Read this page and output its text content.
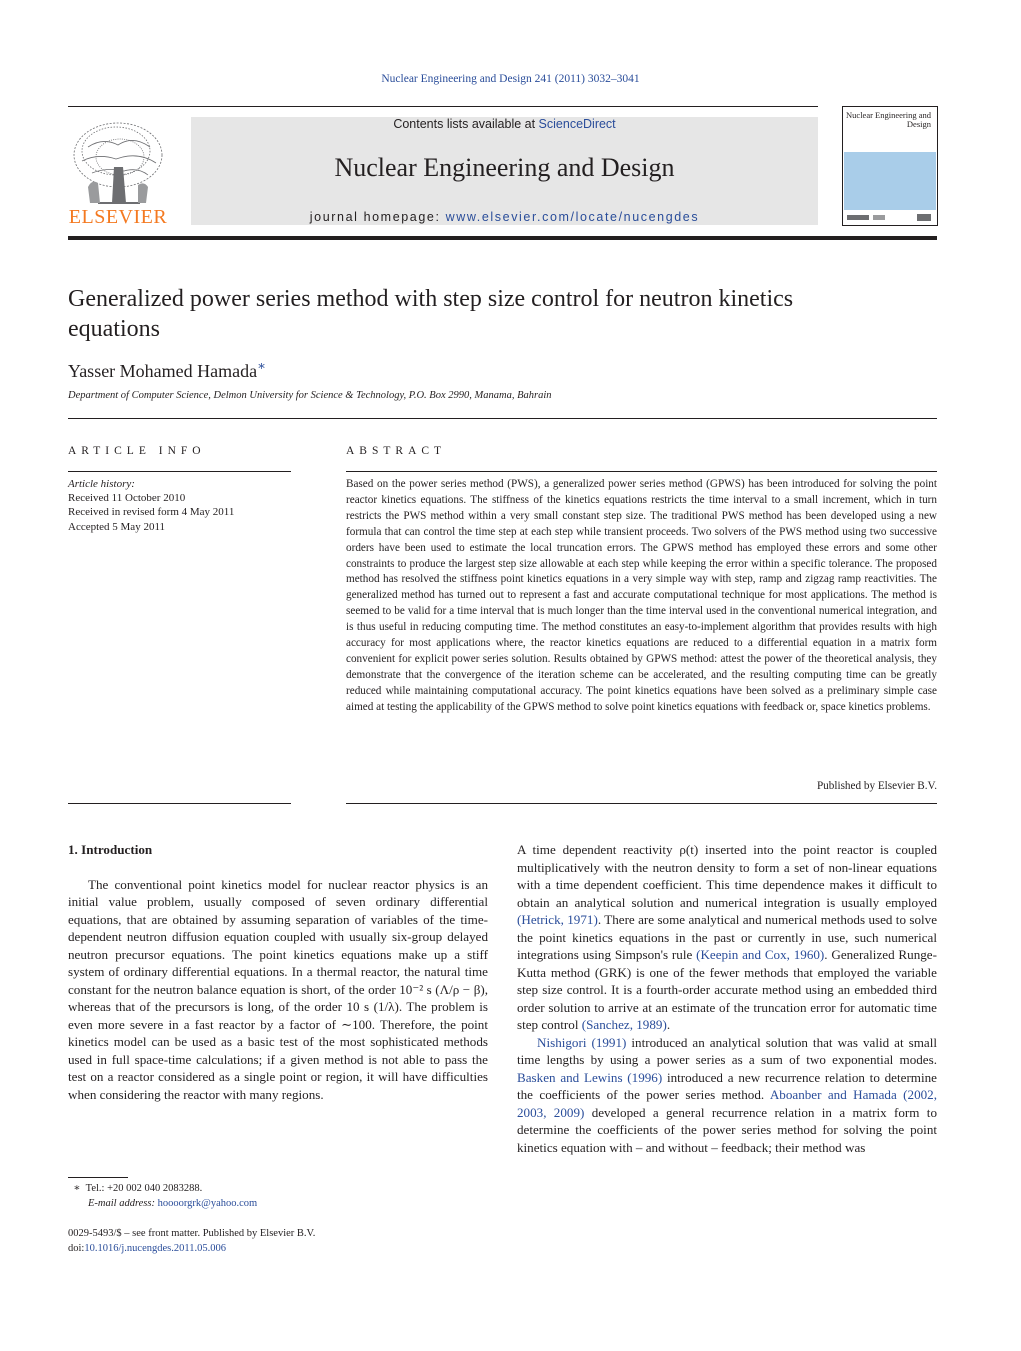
Nuclear Engineering and Design 241 (2011) 3032–3041
ELSEVIER
Contents lists available at ScienceDirect
Nuclear Engineering and Design
journal homepage: www.elsevier.com/locate/nucengdes
Nuclear Engineering and Design
Generalized power series method with step size control for neutron kinetics equations
Yasser Mohamed Hamada∗
Department of Computer Science, Delmon University for Science & Technology, P.O. Box 2990, Manama, Bahrain
ARTICLE INFO	ABSTRACT
Article history:
Received 11 October 2010
Received in revised form 4 May 2011
Accepted 5 May 2011

Based on the power series method (PWS), a generalized power series method (GPWS) has been introduced for solving the point reactor kinetics equations. The stiffness of the kinetics equations restricts the time interval to a small increment, which in turn restricts the PWS method within a very small constant step size. The traditional PWS method has been developed using a new formula that can control the time step at each step while transient proceeds. Two solvers of the PWS method using two successive orders have been used to estimate the local truncation errors. The GPWS method has employed these errors and some other constraints to produce the largest step size allowable at each step while keeping the error within a specific tolerance. The proposed method has resolved the stiffness point kinetics equations in a very simple way with step, ramp and zigzag ramp reactivities. The generalized method has turned out to represent a fast and accurate computational technique for most applications. The method is seemed to be valid for a time interval that is much longer than the time interval used in the conventional numerical integration, and is thus useful in reducing computing time. The method constitutes an easy-to-implement algorithm that provides results with high accuracy for most applications where, the reactor kinetics equations are reduced to a differential equation in a matrix form convenient for explicit power series solution. Results obtained by GPWS method: attest the power of the theoretical analysis, they demonstrate that the convergence of the iteration scheme can be accelerated, and the resulting computing time can be greatly reduced while maintaining computational accuracy. The point kinetics equations have been solved as a preliminary simple case aimed at testing the applicability of the GPWS method to solve point kinetics equations with feedback or, space kinetics problems.

Published by Elsevier B.V.

1. Introduction

The conventional point kinetics model for nuclear reactor physics is an initial value problem, usually composed of seven ordinary differential equations, that are obtained by assuming separation of variables of the time-dependent neutron diffusion equation coupled with usually six-group delayed neutron precursor equations. The point kinetics equations make up a stiff system of ordinary differential equations. In a thermal reactor, the natural time constant for the neutron balance equation is short, of the order 10⁻² s (Λ/ρ − β), whereas that of the precursors is long, of the order 10 s (1/λ). The problem is even more severe in a fast reactor by a factor of ∼100. Therefore, the point kinetics model can be used as a basic test of the most sophisticated methods used in full space-time calculations; if a given method is not able to pass the test on a reactor considered as a single point or region, it will have difficulties when considering the reactor with many regions.

A time dependent reactivity ρ(t) inserted into the point reactor is coupled multiplicatively with the neutron density to form a set of non-linear equations with a time dependent coefficient. This time dependence makes it difficult to obtain an analytical solution and numerical integration is usually employed (Hetrick, 1971). There are some analytical and numerical methods used to solve the point kinetics equations in the past or currently in use, such numerical integrations using Simpson's rule (Keepin and Cox, 1960). Generalized Runge-Kutta method (GRK) is one of the fewer methods that employed the variable step size control. It is a fourth-order accurate method using an embedded third order solution to arrive at an estimate of the truncation error for automatic time step control (Sanchez, 1989).

Nishigori (1991) introduced an analytical solution that was valid at small time lengths by using a power series as a sum of two exponential modes. Basken and Lewins (1996) introduced a new recurrence relation to determine the coefficients of the power series method. Aboanber and Hamada (2002, 2003, 2009) developed a general recurrence relation in a matrix form to determine the coefficients of the power series method for solving the point kinetics equation with – and without – feedback; their method was

∗ Tel.: +20 002 040 2083288.
E-mail address: hoooorgrk@yahoo.com
0029-5493/$ – see front matter. Published by Elsevier B.V.
doi:10.1016/j.nucengdes.2011.05.006
